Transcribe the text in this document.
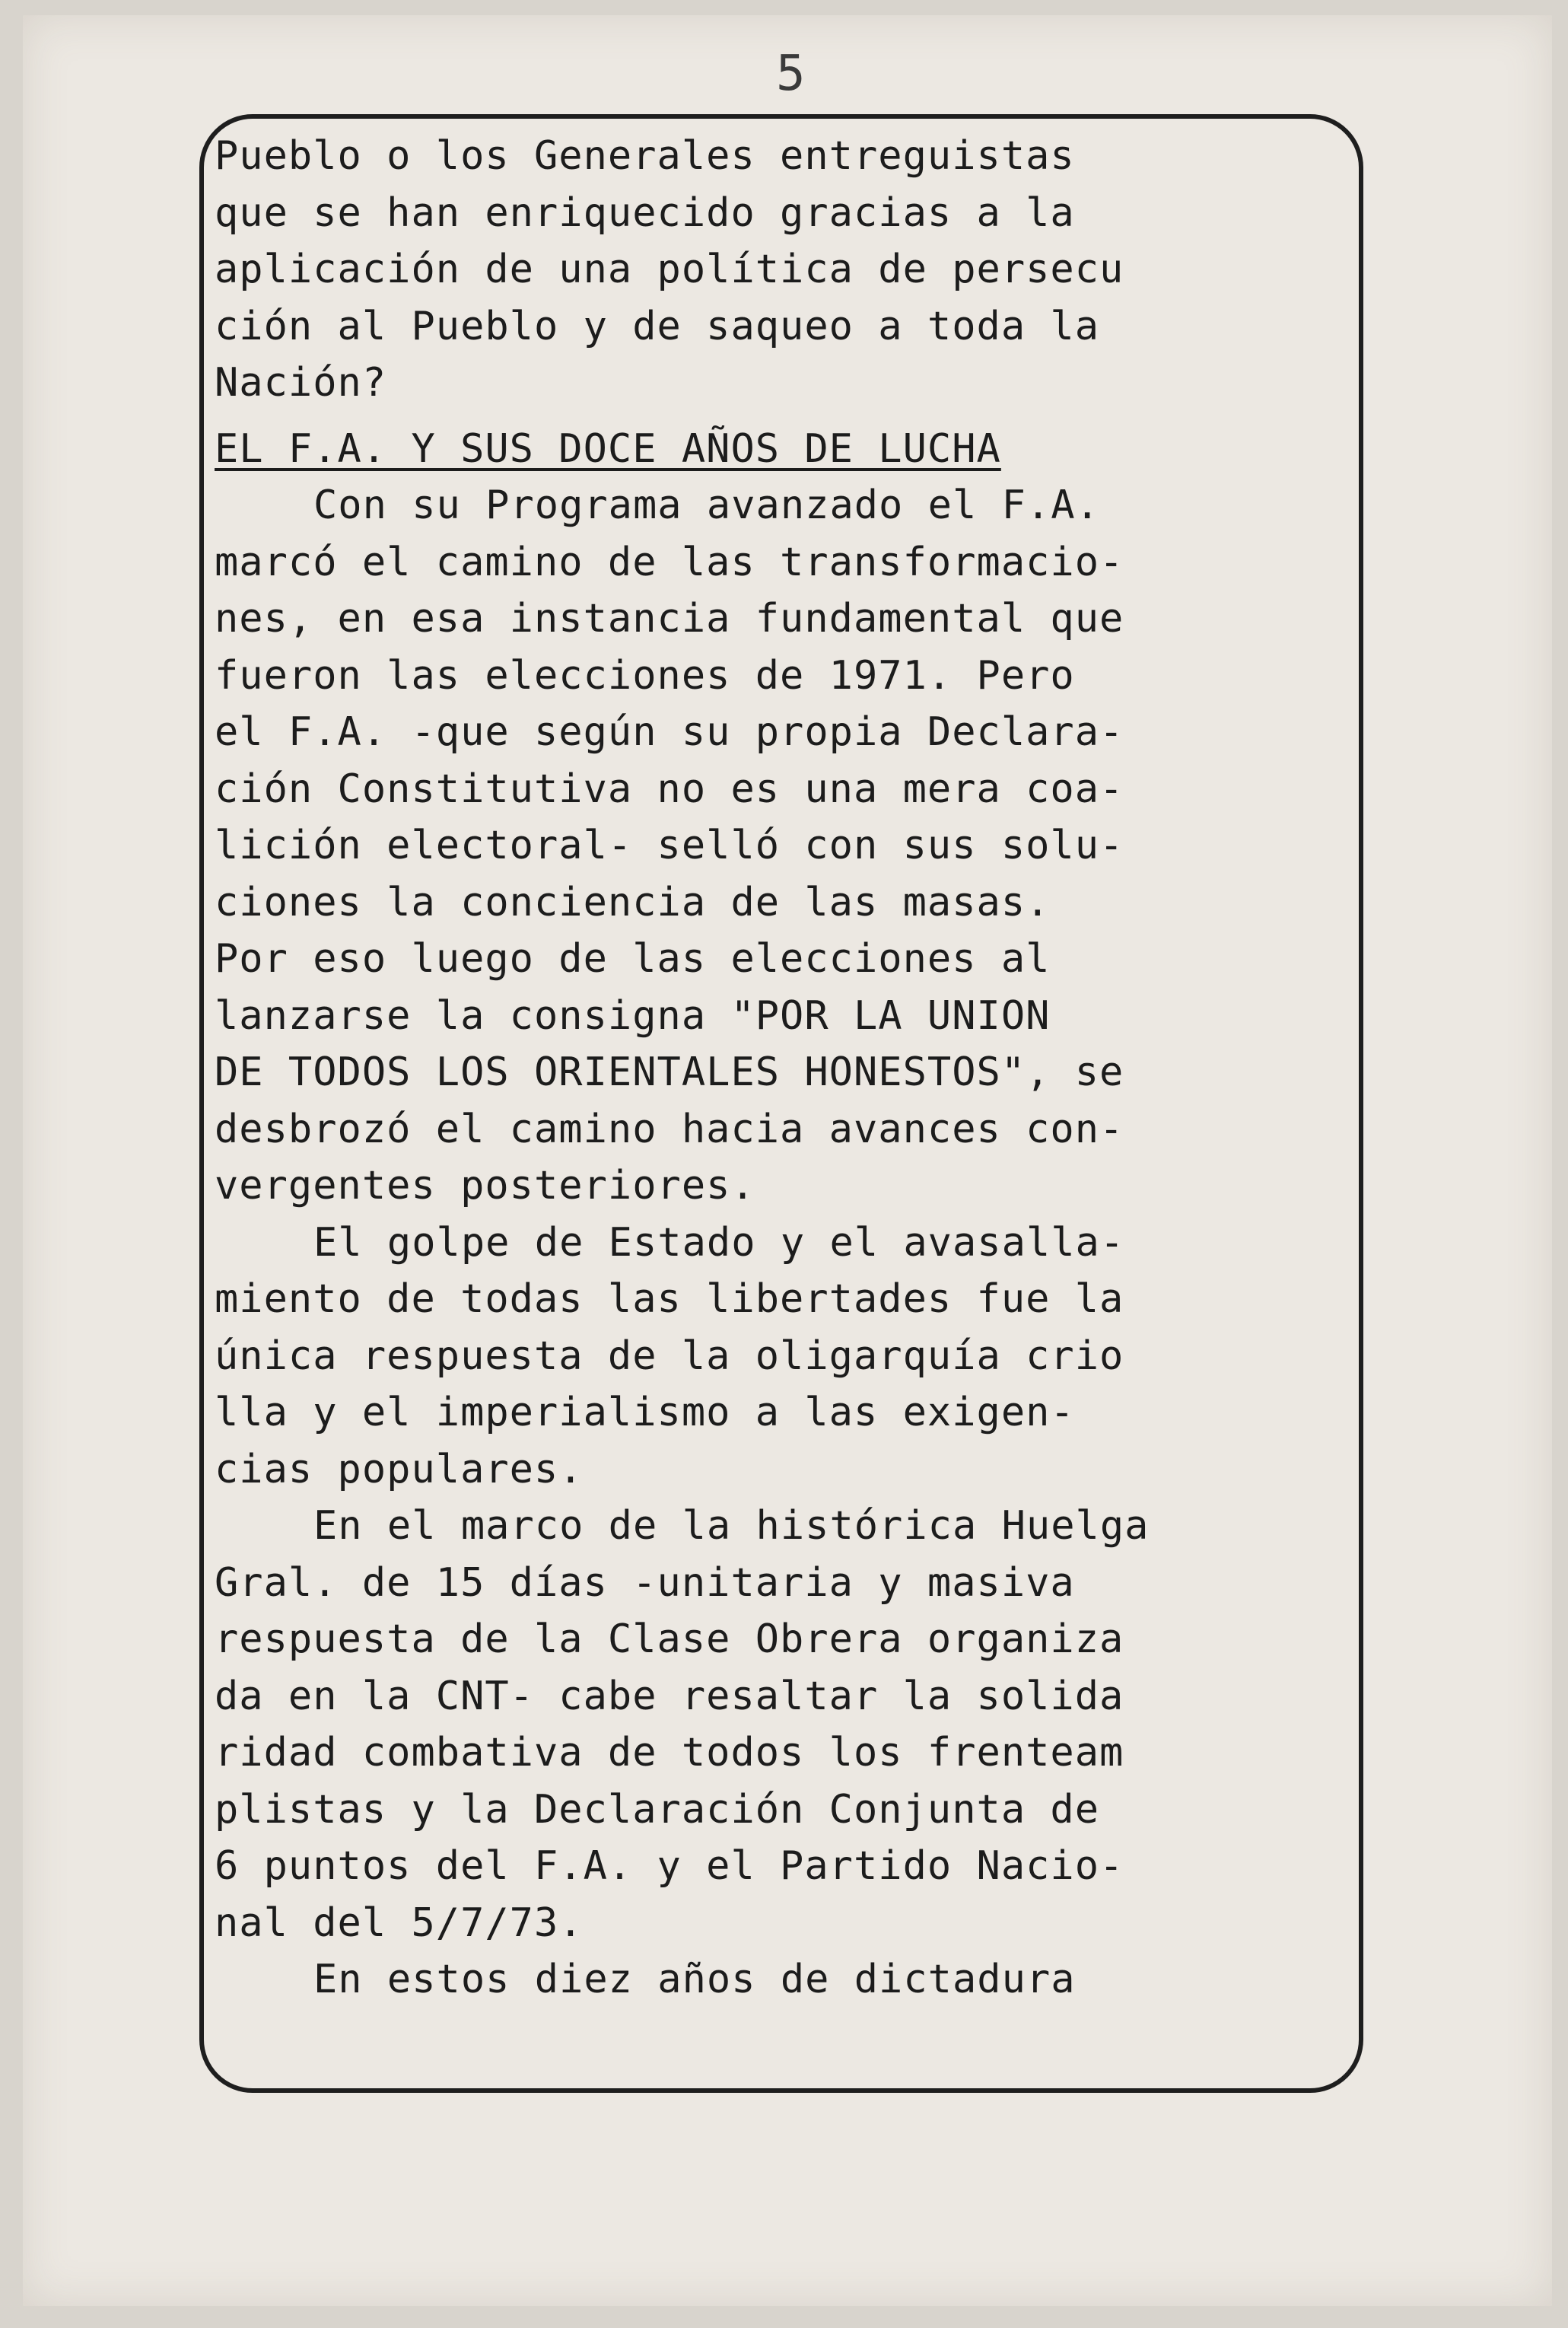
5
Pueblo o los Generales entreguistas
que se han enriquecido gracias a la
aplicación de una política de persecu
ción al Pueblo y de saqueo a toda la
Nación?
EL F.A. Y SUS DOCE AÑOS DE LUCHA
Con su Programa avanzado el F.A.
marcó el camino de las transformacio-
nes, en esa instancia fundamental que
fueron las elecciones de 1971. Pero
el F.A. -que según su propia Declara-
ción Constitutiva no es una mera coa-
lición electoral- selló con sus solu-
ciones la conciencia de las masas.
Por eso luego de las elecciones al
lanzarse la consigna "POR LA UNION
DE TODOS LOS ORIENTALES HONESTOS", se
desbrozó el camino hacia avances con-
vergentes posteriores.
El golpe de Estado y el avasalla-
miento de todas las libertades fue la
única respuesta de la oligarquía crio
lla y el imperialismo a las exigen-
cias populares.
En el marco de la histórica Huelga
Gral. de 15 días -unitaria y masiva
respuesta de la Clase Obrera organiza
da en la CNT- cabe resaltar la solida
ridad combativa de todos los frenteam
plistas y la Declaración Conjunta de
6 puntos del F.A. y el Partido Nacio-
nal del 5/7/73.
En estos diez años de dictadura
